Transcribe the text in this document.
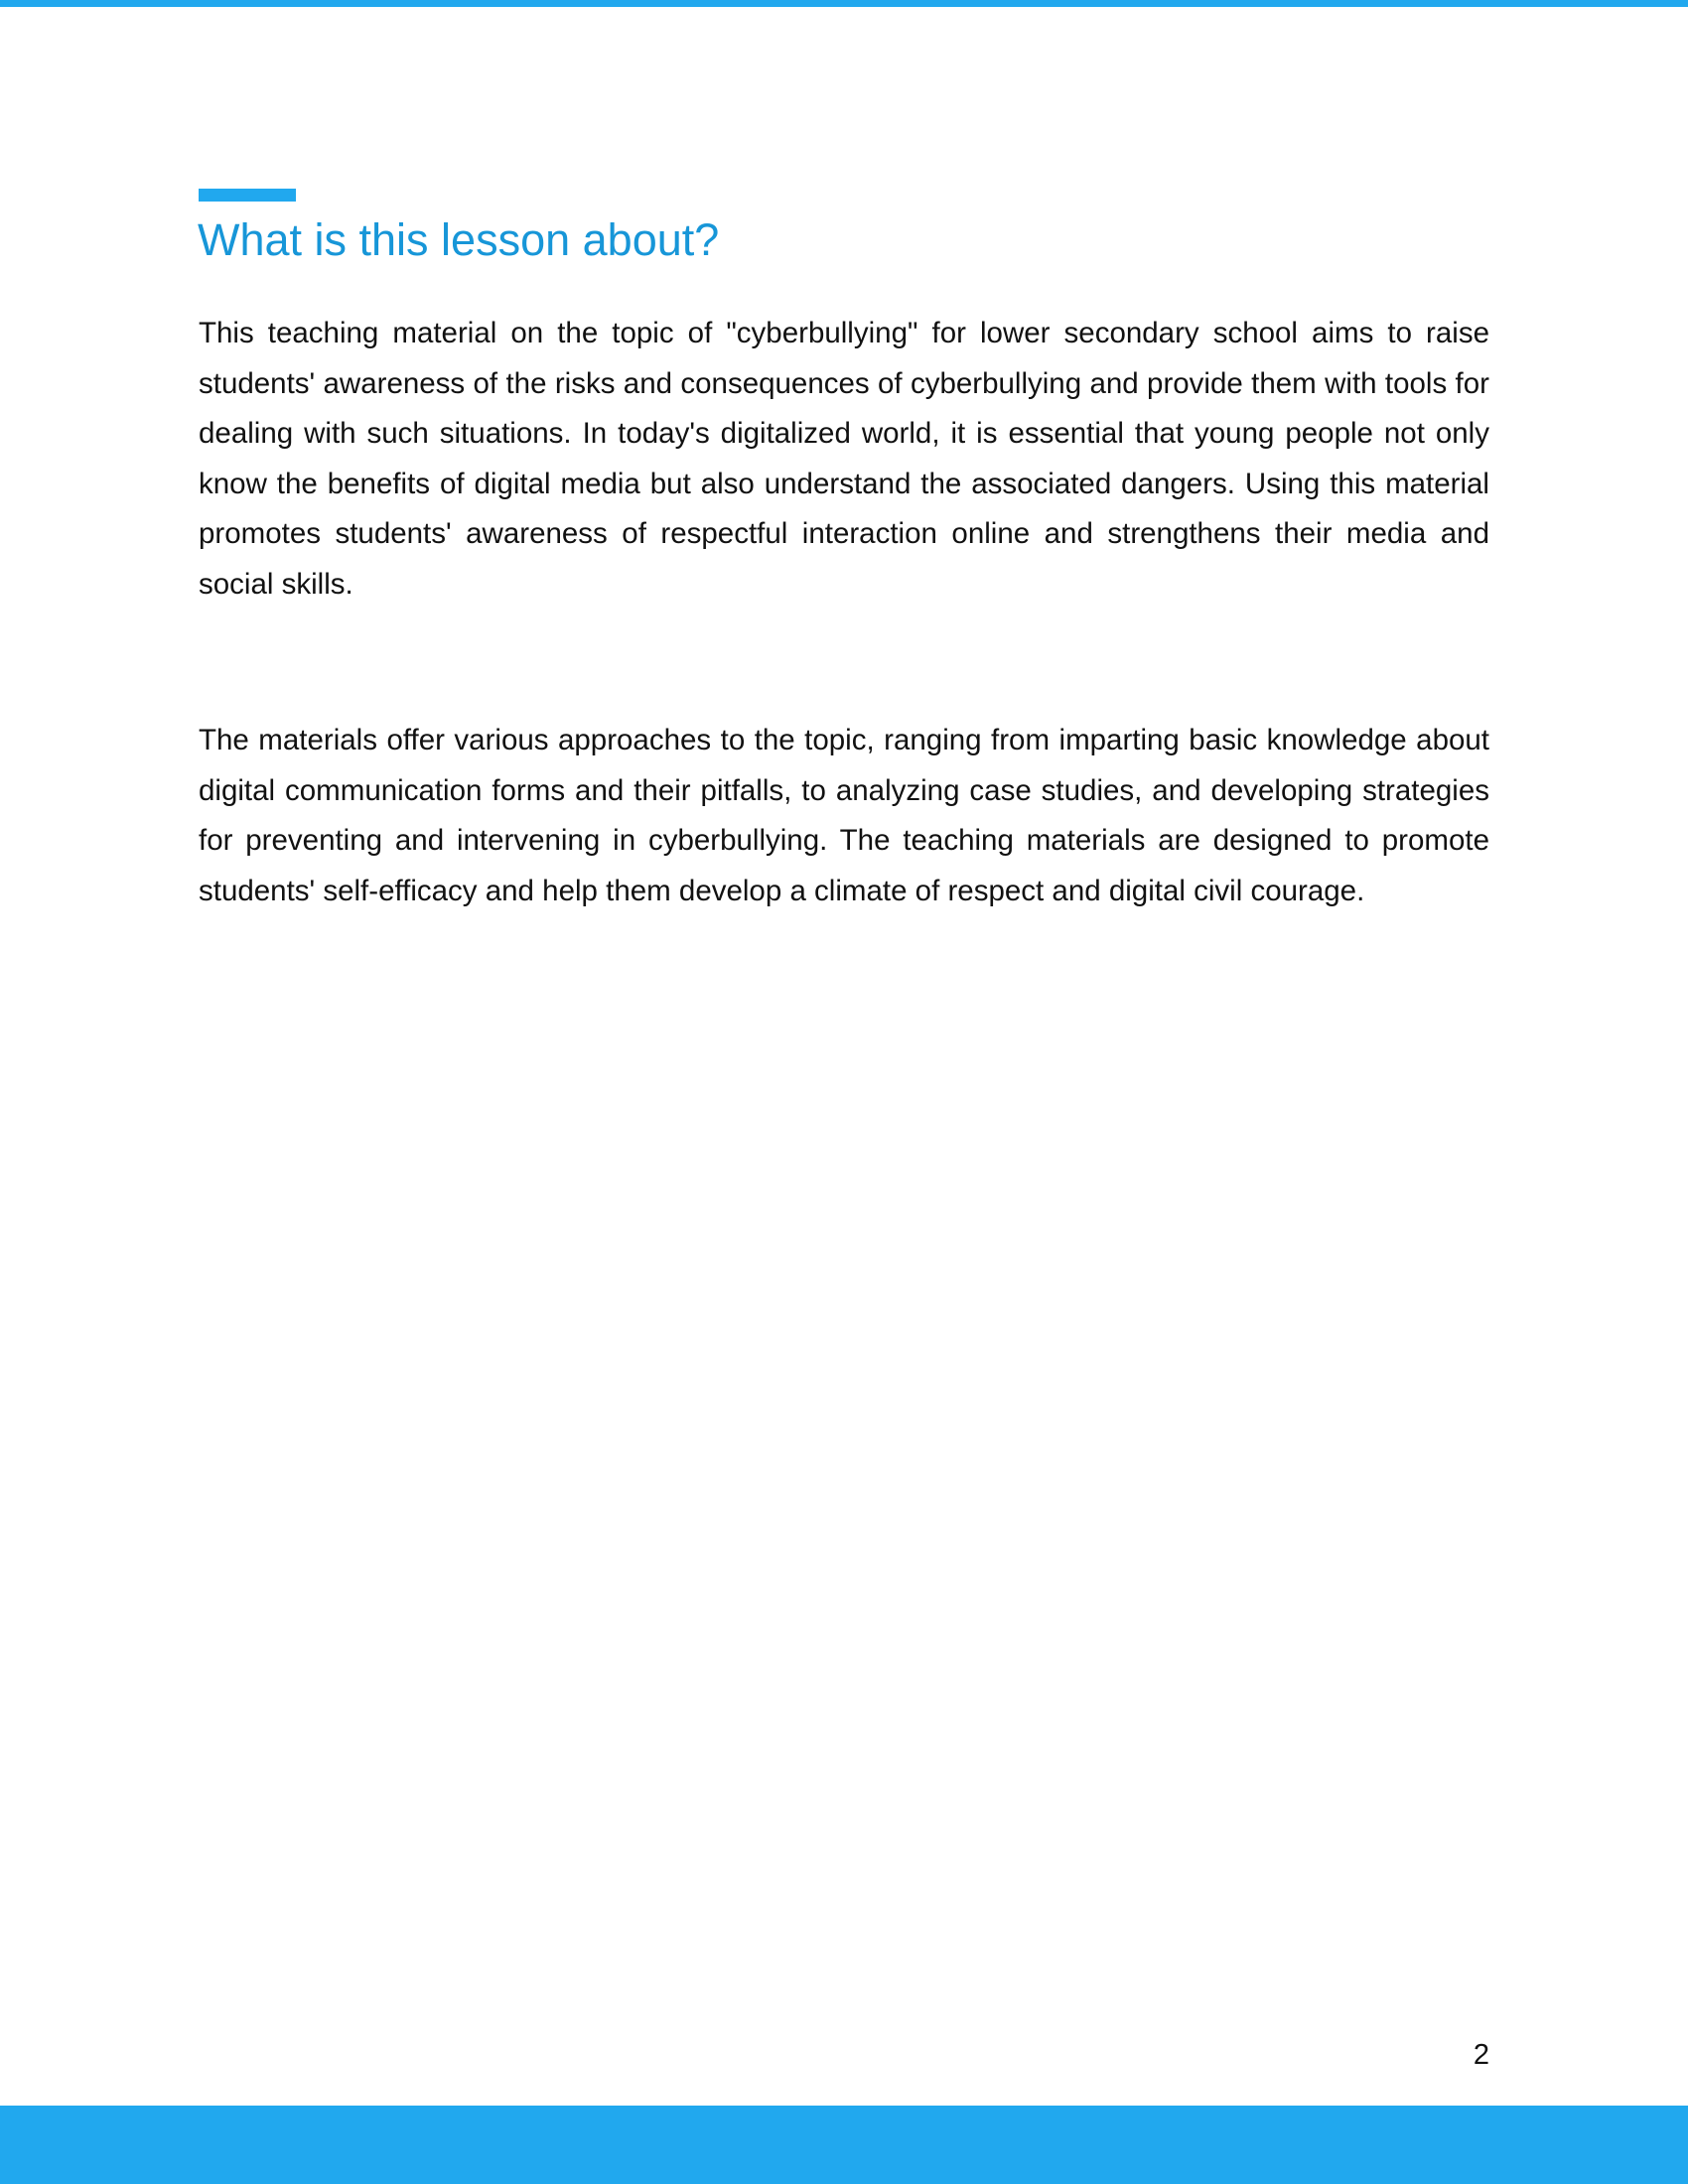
What is this lesson about?

This teaching material on the topic of "cyberbullying" for lower secondary school aims to raise students' awareness of the risks and consequences of cyberbullying and provide them with tools for dealing with such situations. In today's digitalized world, it is essential that young people not only know the benefits of digital media but also understand the associated dangers. Using this material promotes students' awareness of respectful interaction online and strengthens their media and social skills.

The materials offer various approaches to the topic, ranging from imparting basic knowledge about digital communication forms and their pitfalls, to analyzing case studies, and developing strategies for preventing and intervening in cyberbullying. The teaching materials are designed to promote students' self-efficacy and help them develop a climate of respect and digital civil courage.

2
